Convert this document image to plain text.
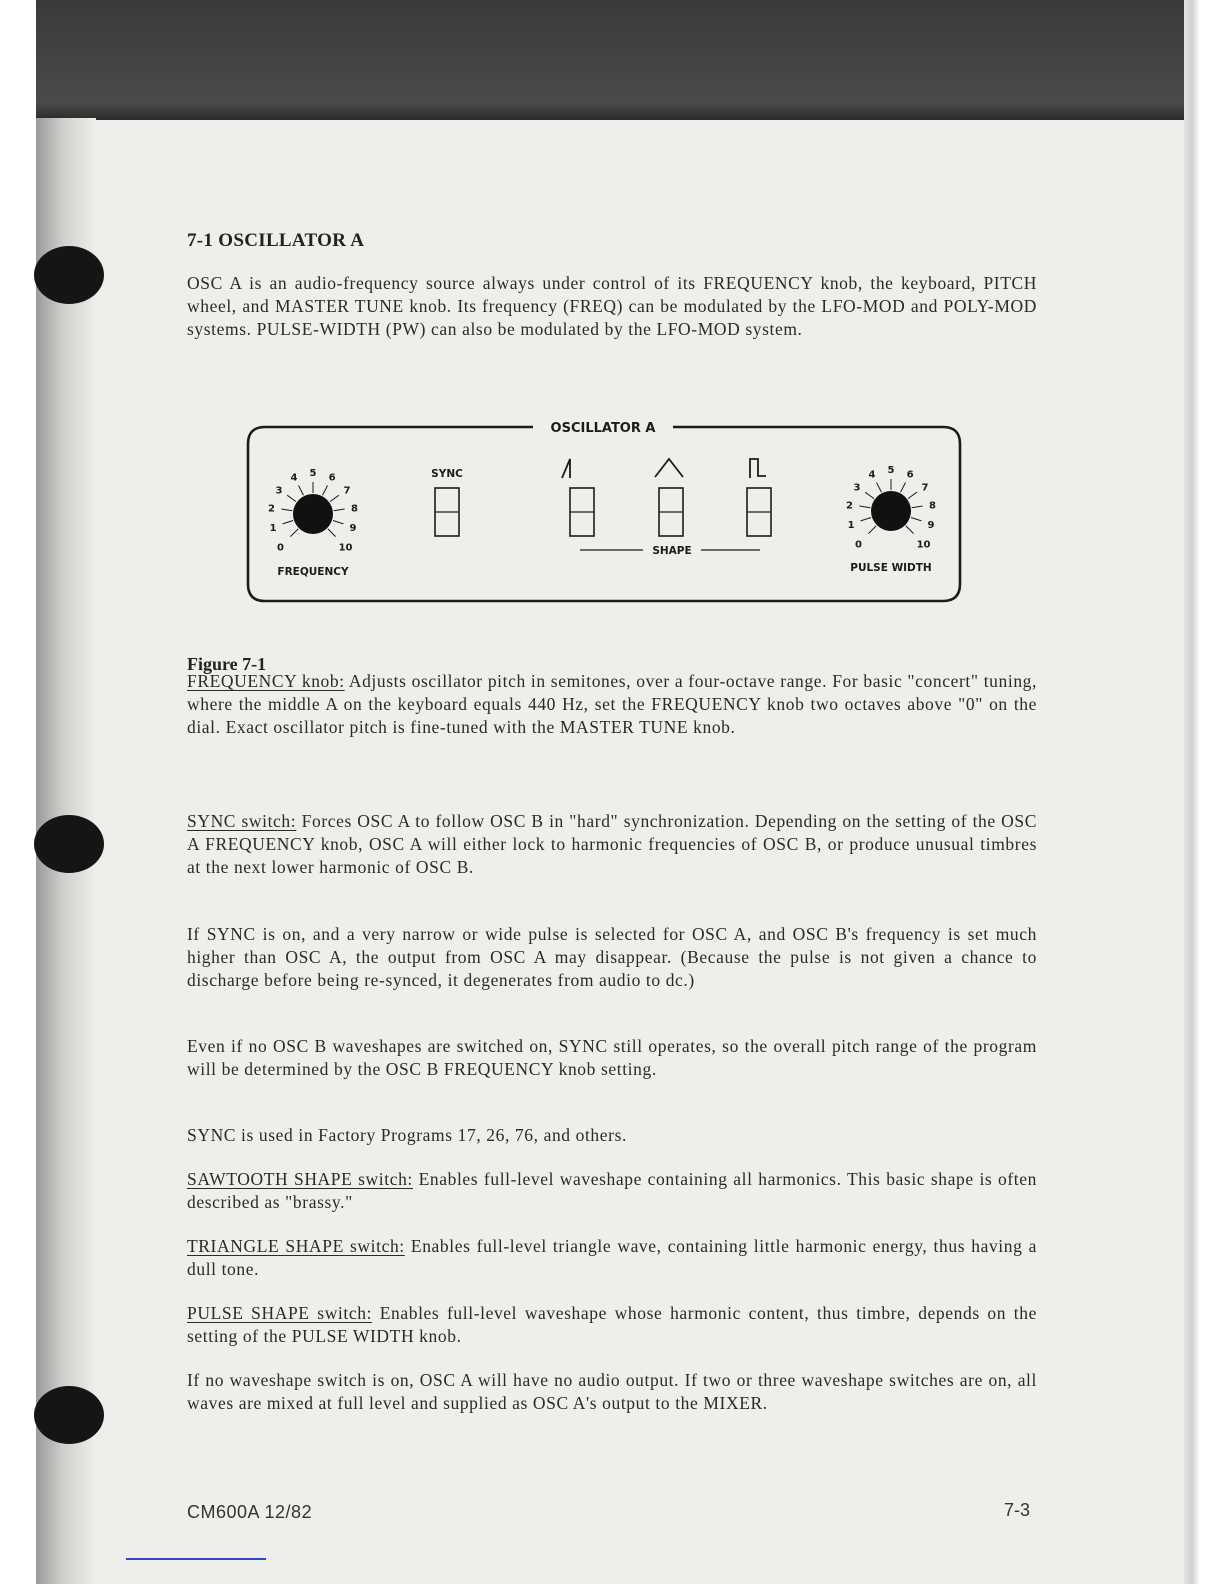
7-1 OSCILLATOR A

OSC A is an audio-frequency source always under control of its FREQUENCY knob, the keyboard, PITCH wheel, and MASTER TUNE knob. Its frequency (FREQ) can be modulated by the LFO-MOD and POLY-MOD systems. PULSE-WIDTH (PW) can also be modulated by the LFO-MOD system.

OSCILLATOR A
0
1
2
3
4 5 6
7
8
9
10
FREQUENCY
SYNC
SHAPE	0
1
2
3
4 5 6
7
8
9
10
PULSE WIDTH
Figure 7-1

FREQUENCY knob: Adjusts oscillator pitch in semitones, over a four-octave range. For basic "concert" tuning, where the middle A on the keyboard equals 440 Hz, set the FREQUENCY knob two octaves above "0" on the dial. Exact oscillator pitch is fine-tuned with the MASTER TUNE knob.

SYNC switch: Forces OSC A to follow OSC B in "hard" synchronization. Depending on the setting of the OSC A FREQUENCY knob, OSC A will either lock to harmonic frequencies of OSC B, or produce unusual timbres at the next lower harmonic of OSC B.

If SYNC is on, and a very narrow or wide pulse is selected for OSC A, and OSC B's frequency is set much higher than OSC A, the output from OSC A may disappear. (Because the pulse is not given a chance to discharge before being re-synced, it degenerates from audio to dc.)

Even if no OSC B waveshapes are switched on, SYNC still operates, so the overall pitch range of the program will be determined by the OSC B FREQUENCY knob setting.

SYNC is used in Factory Programs 17, 26, 76, and others.

SAWTOOTH SHAPE switch: Enables full-level waveshape containing all harmonics. This basic shape is often described as "brassy."

TRIANGLE SHAPE switch: Enables full-level triangle wave, containing little harmonic energy, thus having a dull tone.

PULSE SHAPE switch: Enables full-level waveshape whose harmonic content, thus timbre, depends on the setting of the PULSE WIDTH knob.

If no waveshape switch is on, OSC A will have no audio output. If two or three waveshape switches are on, all waves are mixed at full level and supplied as OSC A's output to the MIXER.

CM600A 12/82	7-3
